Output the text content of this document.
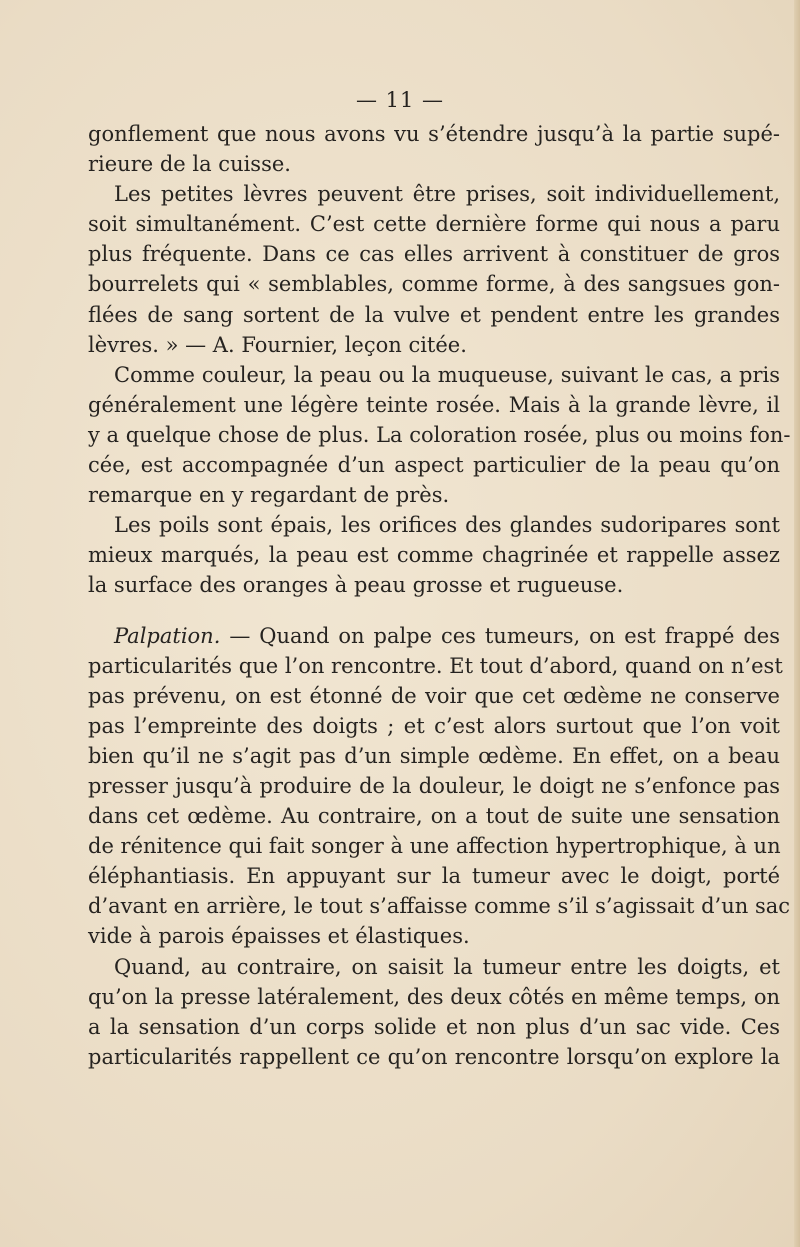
— 11 —
gonflement que nous avons vu s’étendre jusqu’à la partie supé-
rieure de la cuisse.
Les petites lèvres peuvent être prises, soit individuellement,
soit simultanément. C’est cette dernière forme qui nous a paru
plus fréquente. Dans ce cas elles arrivent à constituer de gros
bourrelets qui « semblables, comme forme, à des sangsues gon-
flées de sang sortent de la vulve et pendent entre les grandes
lèvres. » — A. Fournier, leçon citée.
Comme couleur, la peau ou la muqueuse, suivant le cas, a pris
généralement une légère teinte rosée. Mais à la grande lèvre, il
y a quelque chose de plus. La coloration rosée, plus ou moins fon-
cée, est accompagnée d’un aspect particulier de la peau qu’on
remarque en y regardant de près.
Les poils sont épais, les orifices des glandes sudoripares sont
mieux marqués, la peau est comme chagrinée et rappelle assez
la surface des oranges à peau grosse et rugueuse.
Palpation. — Quand on palpe ces tumeurs, on est frappé des
particularités que l’on rencontre. Et tout d’abord, quand on n’est
pas prévenu, on est étonné de voir que cet œdème ne conserve
pas l’empreinte des doigts ; et c’est alors surtout que l’on voit
bien qu’il ne s’agit pas d’un simple œdème. En effet, on a beau
presser jusqu’à produire de la douleur, le doigt ne s’enfonce pas
dans cet œdème. Au contraire, on a tout de suite une sensation
de rénitence qui fait songer à une affection hypertrophique, à un
éléphantiasis. En appuyant sur la tumeur avec le doigt, porté
d’avant en arrière, le tout s’affaisse comme s’il s’agissait d’un sac
vide à parois épaisses et élastiques.
Quand, au contraire, on saisit la tumeur entre les doigts, et
qu’on la presse latéralement, des deux côtés en même temps, on
a la sensation d’un corps solide et non plus d’un sac vide. Ces
particularités rappellent ce qu’on rencontre lorsqu’on explore la
